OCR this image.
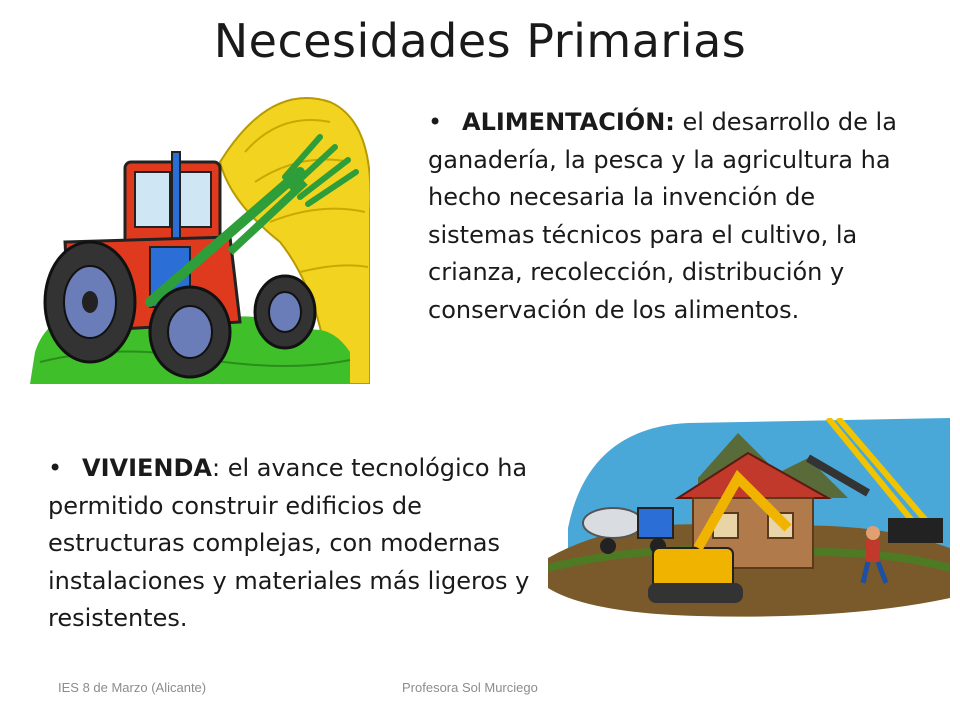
Necesidades Primarias
• ALIMENTACIÓN: el desarrollo de la ganadería, la pesca y la agricultura ha hecho necesaria la invención de sistemas técnicos para el cultivo, la crianza, recolección, distribución y conservación de los alimentos.
• VIVIENDA: el avance tecnológico ha permitido construir edificios de estructuras complejas, con modernas instalaciones y materiales más ligeros y resistentes.
IES 8 de Marzo (Alicante)	Profesora Sol Murciego
